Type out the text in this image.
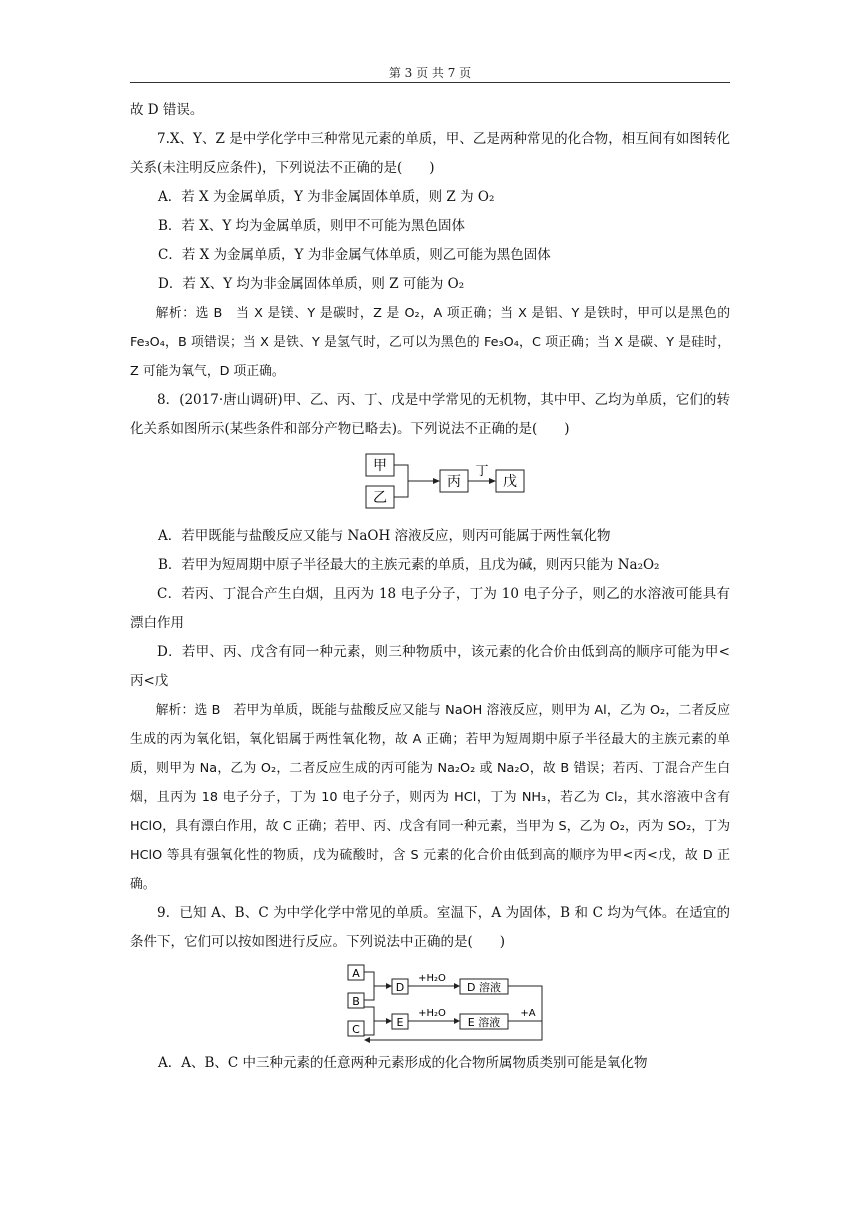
第 3 页 共 7 页

故 D 错误。

7.X、Y、Z 是中学化学中三种常见元素的单质，甲、乙是两种常见的化合物，相互间有如图转化关系(未注明反应条件)，下列说法不正确的是(　　)

A．若 X 为金属单质，Y 为非金属固体单质，则 Z 为 O₂

B．若 X、Y 均为金属单质，则甲不可能为黑色固体

C．若 X 为金属单质，Y 为非金属气体单质，则乙可能为黑色固体

D．若 X、Y 均为非金属固体单质，则 Z 可能为 O₂

解析：选 B　当 X 是镁、Y 是碳时，Z 是 O₂，A 项正确；当 X 是铝、Y 是铁时，甲可以是黑色的 Fe₃O₄，B 项错误；当 X 是铁、Y 是氢气时，乙可以为黑色的 Fe₃O₄，C 项正确；当 X 是碳、Y 是硅时，Z 可能为氧气，D 项正确。

8．(2017·唐山调研)甲、乙、丙、丁、戊是中学常见的无机物，其中甲、乙均为单质，它们的转化关系如图所示(某些条件和部分产物已略去)。下列说法不正确的是(　　)

甲
乙
丙
丁
戊

A．若甲既能与盐酸反应又能与 NaOH 溶液反应，则丙可能属于两性氧化物

B．若甲为短周期中原子半径最大的主族元素的单质，且戊为碱，则丙只能为 Na₂O₂

C．若丙、丁混合产生白烟，且丙为 18 电子分子，丁为 10 电子分子，则乙的水溶液可能具有漂白作用

D．若甲、丙、戊含有同一种元素，则三种物质中，该元素的化合价由低到高的顺序可能为甲<丙<戊

解析：选 B　若甲为单质，既能与盐酸反应又能与 NaOH 溶液反应，则甲为 Al，乙为 O₂，二者反应生成的丙为氧化铝，氧化铝属于两性氧化物，故 A 正确；若甲为短周期中原子半径最大的主族元素的单质，则甲为 Na，乙为 O₂，二者反应生成的丙可能为 Na₂O₂ 或 Na₂O，故 B 错误；若丙、丁混合产生白烟，且丙为 18 电子分子，丁为 10 电子分子，则丙为 HCl，丁为 NH₃，若乙为 Cl₂，其水溶液中含有 HClO，具有漂白作用，故 C 正确；若甲、丙、戊含有同一种元素，当甲为 S，乙为 O₂，丙为 SO₂，丁为 HClO 等具有强氧化性的物质，戊为硫酸时，含 S 元素的化合价由低到高的顺序为甲<丙<戊，故 D 正确。

9．已知 A、B、C 为中学化学中常见的单质。室温下，A 为固体，B 和 C 均为气体。在适宜的条件下，它们可以按如图进行反应。下列说法中正确的是(　　)

A
B
C
D
+H₂O
D 溶液
E
+H₂O
E 溶液
+A

A．A、B、C 中三种元素的任意两种元素形成的化合物所属物质类别可能是氧化物
